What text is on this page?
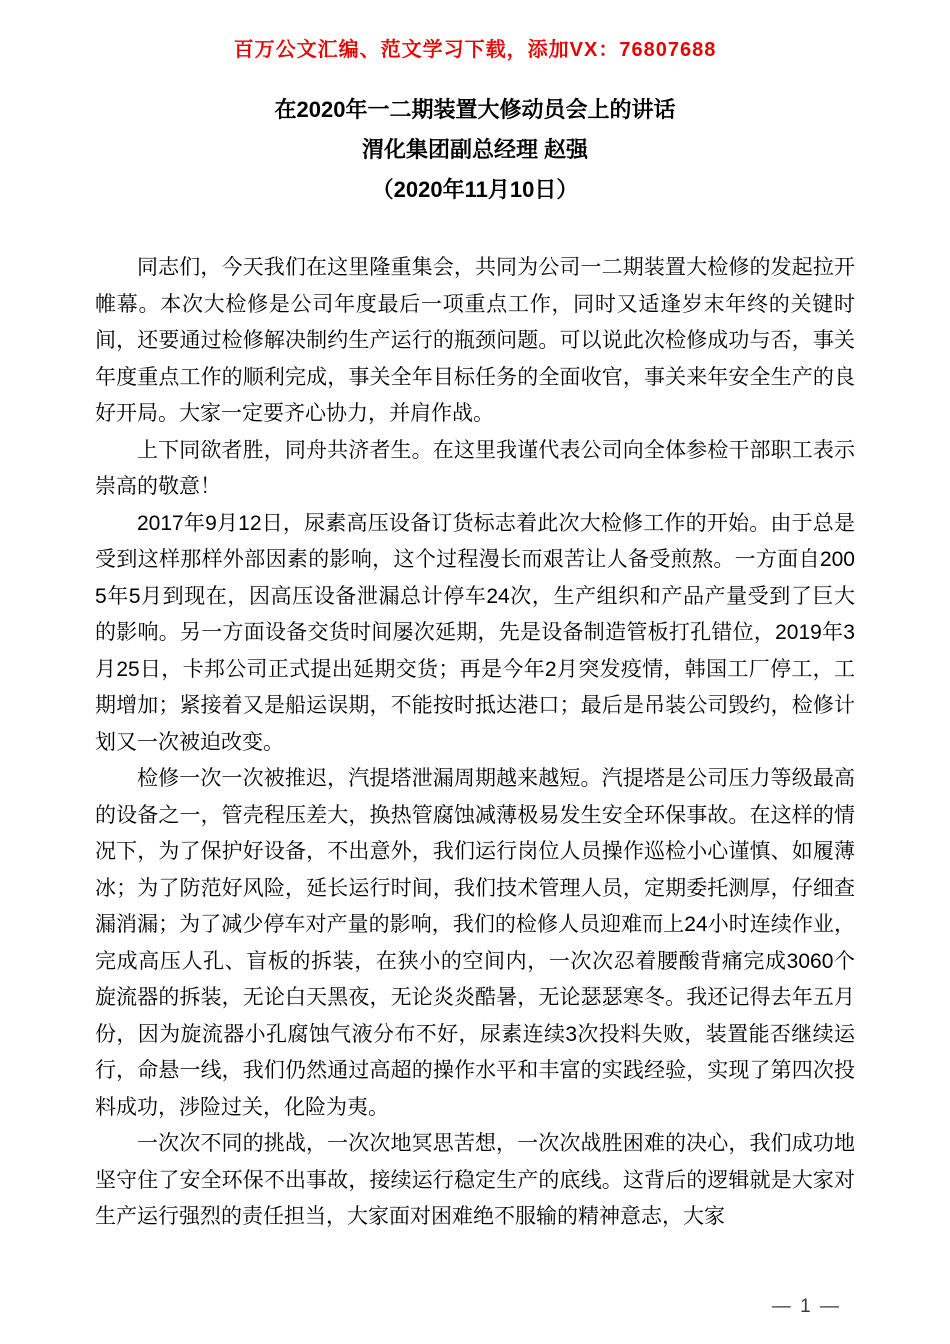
百万公文汇编、范文学习下载，添加VX：76807688
在2020年一二期装置大修动员会上的讲话
渭化集团副总经理 赵强
（2020年11月10日）

同志们，今天我们在这里隆重集会，共同为公司一二期装置大检修的发起拉开帷幕。本次大检修是公司年度最后一项重点工作，同时又适逢岁末年终的关键时间，还要通过检修解决制约生产运行的瓶颈问题。可以说此次检修成功与否，事关年度重点工作的顺利完成，事关全年目标任务的全面收官，事关来年安全生产的良好开局。大家一定要齐心协力，并肩作战。

上下同欲者胜，同舟共济者生。在这里我谨代表公司向全体参检干部职工表示崇高的敬意！

2017年9月12日，尿素高压设备订货标志着此次大检修工作的开始。由于总是受到这样那样外部因素的影响，这个过程漫长而艰苦让人备受煎熬。一方面自2005年5月到现在，因高压设备泄漏总计停车24次，生产组织和产品产量受到了巨大的影响。另一方面设备交货时间屡次延期，先是设备制造管板打孔错位，2019年3月25日，卡邦公司正式提出延期交货；再是今年2月突发疫情，韩国工厂停工，工期增加；紧接着又是船运误期，不能按时抵达港口；最后是吊装公司毁约，检修计划又一次被迫改变。

检修一次一次被推迟，汽提塔泄漏周期越来越短。汽提塔是公司压力等级最高的设备之一，管壳程压差大，换热管腐蚀减薄极易发生安全环保事故。在这样的情况下，为了保护好设备，不出意外，我们运行岗位人员操作巡检小心谨慎、如履薄冰；为了防范好风险，延长运行时间，我们技术管理人员，定期委托测厚，仔细查漏消漏；为了减少停车对产量的影响，我们的检修人员迎难而上24小时连续作业，完成高压人孔、盲板的拆装，在狭小的空间内，一次次忍着腰酸背痛完成3060个旋流器的拆装，无论白天黑夜，无论炎炎酷暑，无论瑟瑟寒冬。我还记得去年五月份，因为旋流器小孔腐蚀气液分布不好，尿素连续3次投料失败，装置能否继续运行，命悬一线，我们仍然通过高超的操作水平和丰富的实践经验，实现了第四次投料成功，涉险过关，化险为夷。

一次次不同的挑战，一次次地冥思苦想，一次次战胜困难的决心，我们成功地坚守住了安全环保不出事故，接续运行稳定生产的底线。这背后的逻辑就是大家对生产运行强烈的责任担当，大家面对困难绝不服输的精神意志，大家

— 1 —
